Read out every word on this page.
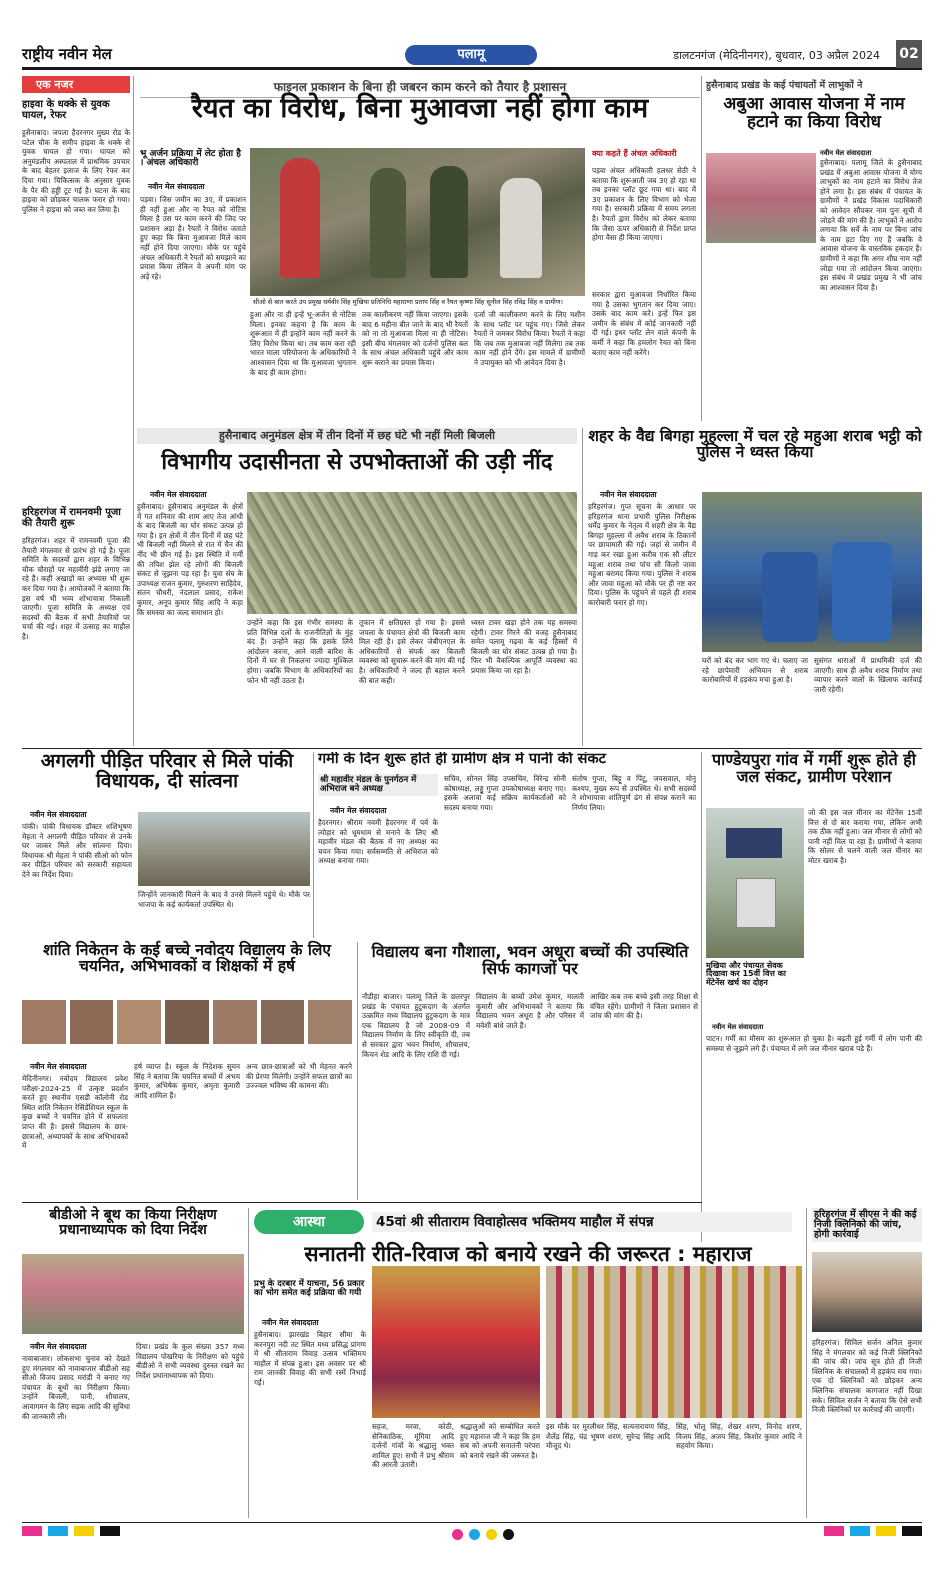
राष्ट्रीय नवीन मेल	पलामू	डालटनगंज (मेदिनीनगर), बुधवार, 03 अप्रैल 2024 02
एक नजर
हाइवा के धक्के से युवक घायल, रेफर
हुसैनाबाद। जपला हैदरनगर मुख्य रोड के पटेल चौक के समीप हाइवा के धक्के से युवक घायल हो गया। घायल को अनुमंडलीय अस्पताल में प्राथमिक उपचार के बाद बेहतर इलाज के लिए रेफर कर दिया गया। चिकित्सक के अनुसार युवक के पैर की हड्डी टूट गई है। घटना के बाद हाइवा को छोड़कर चालक फरार हो गया। पुलिस ने हाइवा को जब्त कर लिया है।
हरिहरगंज में रामनवमी पूजा की तैयारी शुरू
हरिहरगंज। शहर में रामनवमी पूजा की तैयारी मंगलवार से प्रारंभ हो गई है। पूजा समिति के सदस्यों द्वारा शहर के विभिन्न चौक चौराहों पर महावीरी झंडे लगाए जा रहे हैं। कहीं अखाड़ों का अभ्यास भी शुरू कर दिया गया है। आयोजकों ने बताया कि इस वर्ष भी भव्य शोभायात्रा निकाली जाएगी। पूजा समिति के अध्यक्ष एवं सदस्यों की बैठक में सभी तैयारियों पर चर्चा की गई। शहर में उत्साह का माहौल है।
फाइनल प्रकाशन के बिना ही जबरन काम करने को तैयार है प्रशासन
रैयत का विरोध, बिना मुआवजा नहीं होगा काम
भू अर्जन प्रक्रिया में लेट होता है । अंचल अधिकारी
नवीन मेल संवाददाता
पड़वा। जिस जमीन का 3ए, में प्रकाशन ही नहीं हुआ और ना रैयत को नोटिस मिला है उस पर काम करने की जिद पर प्रशासन अड़ा है। रैयतों ने विरोध जताते हुए कहा कि बिना मुआवजा मिले काम नहीं होने दिया जाएगा। मौके पर पहुंचे अंचल अधिकारी ने रैयतों को समझाने का प्रयास किया लेकिन वे अपनी मांग पर अड़े रहे।
सीओ से बात करते उप प्रमुख धर्मवीर सिंह मुखिया प्रतिनिधि महाराणा प्रताप सिंह व रैयत कृष्णा सिंह सुनील सिंह रविंद्र सिंह व ग्रामीण।
हुआ और ना ही इन्हें भू-अर्जन से नोटिस मिला। इनका कहना है कि काम के शुरूआत में ही इन्होंने काम नहीं करने के लिए विरोध किया था। तब काम करा रही भारत माला परियोजना के अधिकारियों ने आश्वासन दिया था कि मुआवजा भुगतान के बाद ही काम होगा।
तक कालीकरण नहीं किया जाएगा। इसके बाद 6 महीना बीत जाने के बाद भी रैयतों को ना तो मुआवजा मिला ना ही नोटिस। इसी बीच मंगलवार को दर्जनों पुलिस बल के साथ अंचल अधिकारी पहुंचे और काम शुरू कराने का प्रयास किया।
दर्जा जी कालीकरण करने के लिए मशीन के साथ प्लॉट पर पहुंच गए। जिसे लेकर रैयतों ने जमकर विरोध किया। रैयतों ने कहा कि जब तक मुआवजा नहीं मिलेगा तब तक काम नहीं होने देंगे। इस मामले में ग्रामीणों ने उपायुक्त को भी आवेदन दिया है।
क्या कहते हैं अंचल अधिकारी
पड़वा अंचल अधिकारी हलधर सेठी ने बताया कि शुरूआती जब 3ए हो रहा था तब इनका प्लॉट छूट गया था। बाद में 3ए प्रकाशन के लिए विभाग को भेजा गया है। सरकारी प्रक्रिया में समय लगता है। रैयतों द्वारा विरोध को लेकर बताया कि जैसा ऊपर अधिकारी से निर्देश प्राप्त होगा वैसा ही किया जाएगा।
सरकार द्वारा मुआवजा निर्धारित किया गया है उसका भुगतान कर दिया जाए। उसके बाद काम करें। इन्हें फिर इस जमीन के संबंध में कोई जानकारी नहीं दी गई। इधर प्लॉट लेन वाले कंपनी के कर्मी ने कहा कि हमलोग रैयत को बिना बताए काम नहीं करेंगे।
हुसैनाबाद प्रखंड के कई पंचायतों में लाभुकों ने
अबुआ आवास योजना में नाम हटाने का किया विरोध
नवीन मेल संवाददाता
हुसैनाबाद। पलामू जिले के हुसैनाबाद प्रखंड में अबुआ आवास योजना में योग्य लाभुकों का नाम हटाने का विरोध तेज होने लगा है। इस संबंध में पंचायत के ग्रामीणों ने प्रखंड विकास पदाधिकारी को आवेदन सौंपकर नाम पुनः सूची में जोड़ने की मांग की है। लाभुकों ने आरोप लगाया कि सर्वे के नाम पर बिना जांच के नाम हटा दिए गए हैं जबकि वे आवास योजना के वास्तविक हकदार हैं। ग्रामीणों ने कहा कि अगर शीघ्र नाम नहीं जोड़ा गया तो आंदोलन किया जाएगा। इस संबंध में प्रखंड प्रमुख ने भी जांच का आश्वासन दिया है।
हुसैनाबाद अनुमंडल क्षेत्र में तीन दिनों में छह घंटे भी नहीं मिली बिजली
विभागीय उदासीनता से उपभोक्ताओं की उड़ी नींद
नवीन मेल संवाददाता
हुसैनाबाद। हुसैनाबाद अनुमंडल के क्षेत्रों में गत शनिवार की शाम आए तेज आंधी के बाद बिजली का घोर संकट उत्पन्न हो गया है। इन क्षेत्रों में तीन दिनों में छह घंटे भी बिजली नहीं मिलने से रात में चैन की नींद भी छीन गई है। इस स्थिति में गर्मी की तपिश झेल रहे लोगों की बिजली संकट से जूझना पड़ रहा है। युवा संघ के उपाध्यक्ष राजन कुमार, गुरुशरण साहिदेव, संतन चौधरी, नंदलाल प्रसाद, राकेश कुमार, अनूप कुमार सिंह आदि ने कहा कि समस्या का जल्द समाधान हो।
उन्होंने कहा कि इस गंभीर समस्या के प्रति विभिन्न दलों के राजनीतिज्ञों के मुंह बंद हैं। उन्होंने कहा कि इसके लिये आंदोलन करना, आने वाली बारिश के दिनों में घर से निकलना ज्यादा मुश्किल होगा। जबकि विभाग के अधिकारियों का फोन भी नहीं उठता है।
तूफान में क्षतिग्रस्त हो गया है। इससे जपला के पंचायत क्षेत्रों की बिजली काम मिल रही है। इसे लेकर जेबीएनएल के अधिकारियों से संपर्क कर बिजली व्यवस्था को सुचारू करने की मांग की गई है। अधिकारियों ने जल्द ही बहाल करने की बात कही।
ध्वस्त टावर खड़ा होने तक यह समस्या रहेगी। टावर गिरने की वजह हुसैनाबाद समेत पलामू गढ़वा के कई हिस्सों में बिजली का घोर संकट उत्पन्न हो गया है। फिर भी वैकल्पिक आपूर्ति व्यवस्था का प्रयास किया जा रहा है।
शहर के वैद्य बिगहा मुहल्ला में चल रहे महुआ शराब भट्ठी को पुलिस ने ध्वस्त किया
नवीन मेल संवाददाता
हरिहरगंज। गुप्त सूचना के आधार पर हरिहरगंज थाना प्रभारी पुलिस निरीक्षक धर्मेंद्र कुमार के नेतृत्व में शहरी क्षेत्र के वैद्य बिगहा मुहल्ला में अवैध शराब के ठिकानों पर छापामारी की गई। जहां से जमीन में गाड़ कर रखा हुआ करीब एक सौ लीटर महुआ शराब तथा पांच सौ किलो जावा महुआ बरामद किया गया। पुलिस ने शराब और जावा महुआ को मौके पर ही नष्ट कर दिया। पुलिस के पहुंचने से पहले ही शराब कारोबारी फरार हो गए।
घरों को बंद कर भाग गए थे। चलाए जा रहे छापेमारी अभियान से शराब कारोबारियों में हड़कंप मचा हुआ है।
सुसंगत धाराओं में प्राथमिकी दर्ज की जाएगी। साथ ही अवैध शराब निर्माण तथा व्यापार करने वालों के खिलाफ कार्रवाई जारी रहेगी।
अगलगी पीड़ित परिवार से मिले पांकी विधायक, दी सांत्वना
नवीन मेल संवाददाता
पांकी। पांकी विधायक डॉक्टर शशिभूषण मेहता ने अगलगी पीड़ित परिवार से उनके घर जाकर मिले और सांत्वना दिया। विधायक श्री मेहता ने पांकी सीओ को फोन कर पीड़ित परिवार को सरकारी सहायता देने का निर्देश दिया।
जिन्होंने जानकारी मिलने के बाद वे उनसे मिलने पहुंचे थे। मौके पर भाजपा के कई कार्यकर्ता उपस्थित थे।
गर्मी के दिन शुरू होते ही ग्रामीण क्षेत्र में पानी की संकट
श्री महावीर मंडल के पुनर्गठन में अभिराज बने अध्यक्ष
नवीन मेल संवाददाता
हैदरनगर। श्रीराम नवमी हैदरनगर में पर्व के त्योहार को धूमधाम से मनाने के लिए श्री महावीर मंडल की बैठक में नए अध्यक्ष का चयन किया गया। सर्वसम्मति से अभिराज को अध्यक्ष बनाया गया।
सचिव, सोनल सिंह उपसचिव, विरेन्द्र सोनी कोषाध्यक्ष, लड्डू गुप्ता उपकोषाध्यक्ष बनाए गए। इसके अलावा कई सक्रिय कार्यकर्ताओं को सदस्य बनाया गया।
संतोष गुप्ता, बिट्टू व पिंटू, जयसवाल, मोनू कश्यप, मुख्य रूप से उपस्थित थे। सभी सदस्यों ने शोभायात्रा शांतिपूर्ण ढंग से संपन्न कराने का निर्णय लिया।
पाण्डेयपुरा गांव में गर्मी शुरू होते ही जल संकट, ग्रामीण परेशान
जो की इस जल मीनार का मेंटेनेंस 15वीं वित्त से दो बार कराया गया, लेकिन अभी तक ठीक नहीं हुआ। जल मीनार से लोगों को पानी नहीं मिल पा रहा है। ग्रामीणों ने बताया कि सोलर से चलने वाली जल मीनार का मोटर खराब है।
मुखिया और पंचायत सेवक दिखावा कर 15वीं वित्त का मेंटेनेंस खर्च का दोहन
नवीन मेल संवाददाता
पाटन। गर्मी का मौसम का शुरूआत हो चुका है। बढ़ती हुई गर्मी में लोग पानी की समस्या से जूझने लगे हैं। पंचायत में लगे जल मीनार खराब पड़े हैं।
शांति निकेतन के कई बच्चे नवोदय विद्यालय के लिए चयनित, अभिभावकों व शिक्षकों में हर्ष
नवीन मेल संवाददाता
मेदिनीनगर। नवोदय विद्यालय प्रवेश परीक्षा-2024-25 में उत्कृष्ट प्रदर्शन करते हुए स्थानीय एसडी कॉलोनी रोड स्थित शांति निकेतन रेसिडेंशियल स्कूल के कुछ बच्चों ने चयनित होने में सफलता प्राप्त की है। इससे विद्यालय के छात्र-छात्राओं, अध्यापकों के साथ अभिभावकों में
हर्ष व्याप्त है। स्कूल के निदेशक सुमन सिंह ने बताया कि चयनित बच्चों में अभय कुमार, अभिषेक कुमार, अमृता कुमारी आदि शामिल हैं।
अन्य छात्र-छात्राओं को भी मेहनत करने की प्रेरणा मिलेगी। उन्होंने सफल छात्रों का उज्ज्वल भविष्य की कामना की।
विद्यालय बना गौशाला, भवन अधूरा बच्चों की उपस्थिति सिर्फ कागजों पर
नौडीहा बाजार। पलामू जिले के छतरपुर प्रखंड के पंचायत हुटुकदाग के अंतर्गत उत्क्रमित मध्य विद्यालय हुटुकदाग के मात्र एक विद्यालय है जो 2008-09 में विद्यालय निर्माण के लिए स्वीकृति दी, तब से सरकार द्वारा भवन निर्माण, शौचालय, किचन शेड आदि के लिए राशि दी गई।
विद्यालय के बच्चों उमेश कुमार, मालती कुमारी और अभिभावकों ने बताया कि विद्यालय भवन अधूरा है और परिसर में मवेशी बांधे जाते हैं।
आखिर कब तक बच्चे इसी तरह शिक्षा से वंचित रहेंगे। ग्रामीणों ने जिला प्रशासन से जांच की मांग की है।
बीडीओ ने बूथ का किया निरीक्षण प्रधानाध्यापक को दिया निर्देश
नवीन मेल संवाददाता
नावाबाजार। लोकसभा चुनाव को देखते हुए मंगलवार को नावाबाजार बीडीओ सह सीओ विजय प्रसाद मरांडी ने बनाए गए पंचायत के बूथों का निरीक्षण किया। उन्होंने बिजली, पानी, शौचालय, आवागमन के लिए सड़क आदि की सुविधा की जानकारी ली।
दिया। प्रखंड के कुल संख्या 357 मध्य विद्यालय पोखरिया के निरीक्षण को पहुंचे बीडीओ ने सभी व्यवस्था दुरुस्त रखने का निर्देश प्रधानाध्यापक को दिया।
आस्था	45वां श्री सीताराम विवाहोत्सव भक्तिमय माहौल में संपन्न
सनातनी रीति-रिवाज को बनाये रखने की जरूरत : महाराज
प्रभु के दरबार में याचना, 56 प्रकार का भोग समेत कई प्रक्रिया की गयी
नवीन मेल संवाददाता
हुसैनाबाद। झारखंड बिहार सीमा के करनपुरा नदी तट स्थित मध्य प्रसिद्ध प्रांगण में श्री सीताराम विवाह उत्सव भक्तिमय माहौल में संपन्न हुआ। इस अवसर पर श्री राम जानकी विवाह की सभी रस्में निभाई गईं।
सहज, मरवा, कोठी, सेनिकाठिक, मूंगिया आदि दर्जनों गांवों के श्रद्धालु भक्त शामिल हुए। सभी ने प्रभु श्रीराम की आरती उतारी।
श्रद्धालुओं को सम्बोधित करते हुए महाराज जी ने कहा कि हम सब को अपनी सनातनी परंपरा को बनाये रखने की जरूरत है।
इस मौके पर मुरलीधर सिंह, सत्यनारायण सिंह, शैलेंद्र सिंह, चंद्र भूषण शरण, सुरेन्द्र सिंह आदि मौजूद थे।
सिंह, भोलू सिंह, शेखर शरण, विनोद शरण, विजय सिंह, अजय सिंह, किशोर कुमार आदि ने सहयोग किया।
हरिहरगंज में सीएस ने की कई निजी क्लिनिको की जांच, होगी कार्रवाई
हरिहरगंज। सिविल सर्जन अनिल कुमार सिंह ने मंगलवार को कई निजी क्लिनिकों की जांच की। जांच सूत्र होते ही निजी क्लिनिक के संचालकों में हड़कंप मच गया। एक दो क्लिनिकों को छोड़कर अन्य क्लिनिक संचालक कागजात नहीं दिखा सके। सिविल सर्जन ने बताया कि ऐसे सभी निजी क्लिनिकों पर कार्रवाई की जाएगी।
